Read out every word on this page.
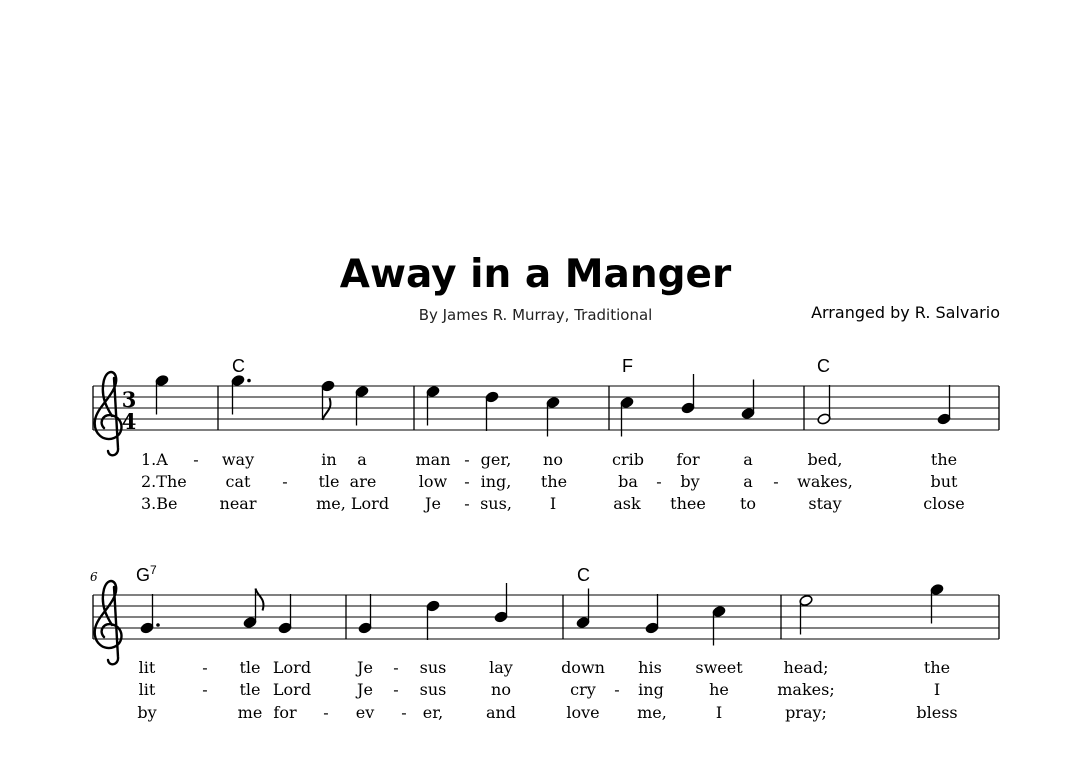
Away in a Manger
By James R. Murray, Traditional	Arranged by R. Salvario
3
4
C	F	C
1.A - way	in a	man - ger, no	crib for	a	bed,	the
2.The cat - tle are	low - ing, the	ba - by	a - wakes,	but
3.Be	near	me, Lord Je - sus, I	ask thee to	stay	close
6 $G^7$	C
lit	- tle Lord	Je - sus	lay	down his sweet	head;	the
lit	- tle Lord	Je - sus	no	cry - ing	he	makes;	I
by	me for - ev - er,	and	love me,	I	pray;	bless
